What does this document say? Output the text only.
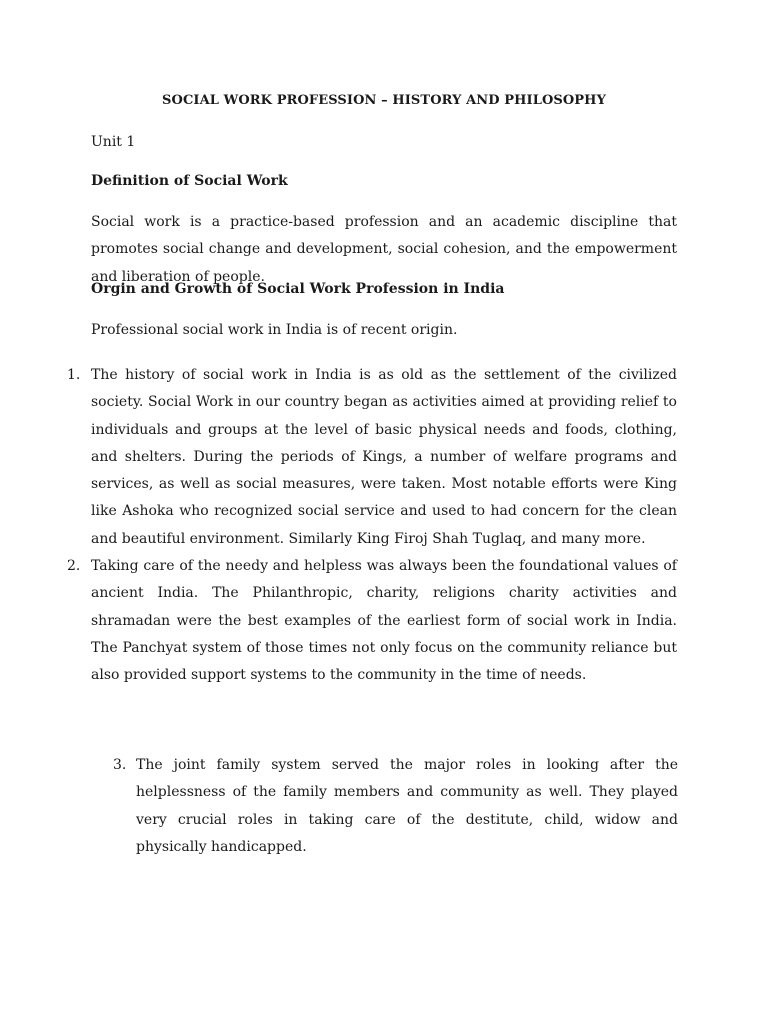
SOCIAL WORK PROFESSION – HISTORY AND PHILOSOPHY
Unit 1
Definition of Social Work
Social work is a practice-based profession and an academic discipline that promotes social change and development, social cohesion, and the empowerment and liberation of people.
Orgin and Growth of Social Work Profession in India
Professional social work in India is of recent origin.
1. The history of social work in India is as old as the settlement of the civilized society. Social Work in our country began as activities aimed at providing relief to individuals and groups at the level of basic physical needs and foods, clothing, and shelters. During the periods of Kings, a number of welfare programs and services, as well as social measures, were taken. Most notable efforts were King like Ashoka who recognized social service and used to had concern for the clean and beautiful environment. Similarly King Firoj Shah Tuglaq, and many more.
2. Taking care of the needy and helpless was always been the foundational values of ancient India. The Philanthropic, charity, religions charity activities and shramadan were the best examples of the earliest form of social work in India. The Panchyat system of those times not only focus on the community reliance but also provided support systems to the community in the time of needs.
3. The joint family system served the major roles in looking after the helplessness of the family members and community as well. They played very crucial roles in taking care of the destitute, child, widow and physically handicapped.
